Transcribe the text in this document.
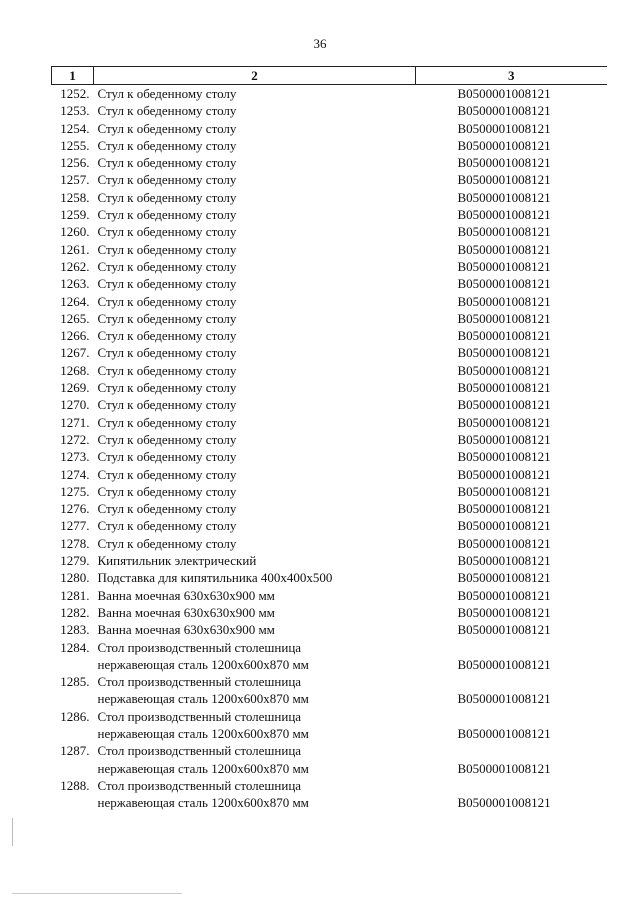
36
1	2	3
1252.	Стул к обеденному столу	B0500001008121
1253.	Стул к обеденному столу	B0500001008121
1254.	Стул к обеденному столу	B0500001008121
1255.	Стул к обеденному столу	B0500001008121
1256.	Стул к обеденному столу	B0500001008121
1257.	Стул к обеденному столу	B0500001008121
1258.	Стул к обеденному столу	B0500001008121
1259.	Стул к обеденному столу	B0500001008121
1260.	Стул к обеденному столу	B0500001008121
1261.	Стул к обеденному столу	B0500001008121
1262.	Стул к обеденному столу	B0500001008121
1263.	Стул к обеденному столу	B0500001008121
1264.	Стул к обеденному столу	B0500001008121
1265.	Стул к обеденному столу	B0500001008121
1266.	Стул к обеденному столу	B0500001008121
1267.	Стул к обеденному столу	B0500001008121
1268.	Стул к обеденному столу	B0500001008121
1269.	Стул к обеденному столу	B0500001008121
1270.	Стул к обеденному столу	B0500001008121
1271.	Стул к обеденному столу	B0500001008121
1272.	Стул к обеденному столу	B0500001008121
1273.	Стул к обеденному столу	B0500001008121
1274.	Стул к обеденному столу	B0500001008121
1275.	Стул к обеденному столу	B0500001008121
1276.	Стул к обеденному столу	B0500001008121
1277.	Стул к обеденному столу	B0500001008121
1278.	Стул к обеденному столу	B0500001008121
1279.	Кипятильник электрический	B0500001008121
1280.	Подставка для кипятильника 400x400x500	B0500001008121
1281.	Ванна моечная 630x630x900 мм	B0500001008121
1282.	Ванна моечная 630x630x900 мм	B0500001008121
1283.	Ванна моечная 630x630x900 мм	B0500001008121
1284.	Стол производственный столешница
нержавеющая сталь 1200x600x870 мм	B0500001008121
1285.	Стол производственный столешница
нержавеющая сталь 1200x600x870 мм	B0500001008121
1286.	Стол производственный столешница
нержавеющая сталь 1200x600x870 мм	B0500001008121
1287.	Стол производственный столешница
нержавеющая сталь 1200x600x870 мм	B0500001008121
1288.	Стол производственный столешница
нержавеющая сталь 1200x600x870 мм	B0500001008121
